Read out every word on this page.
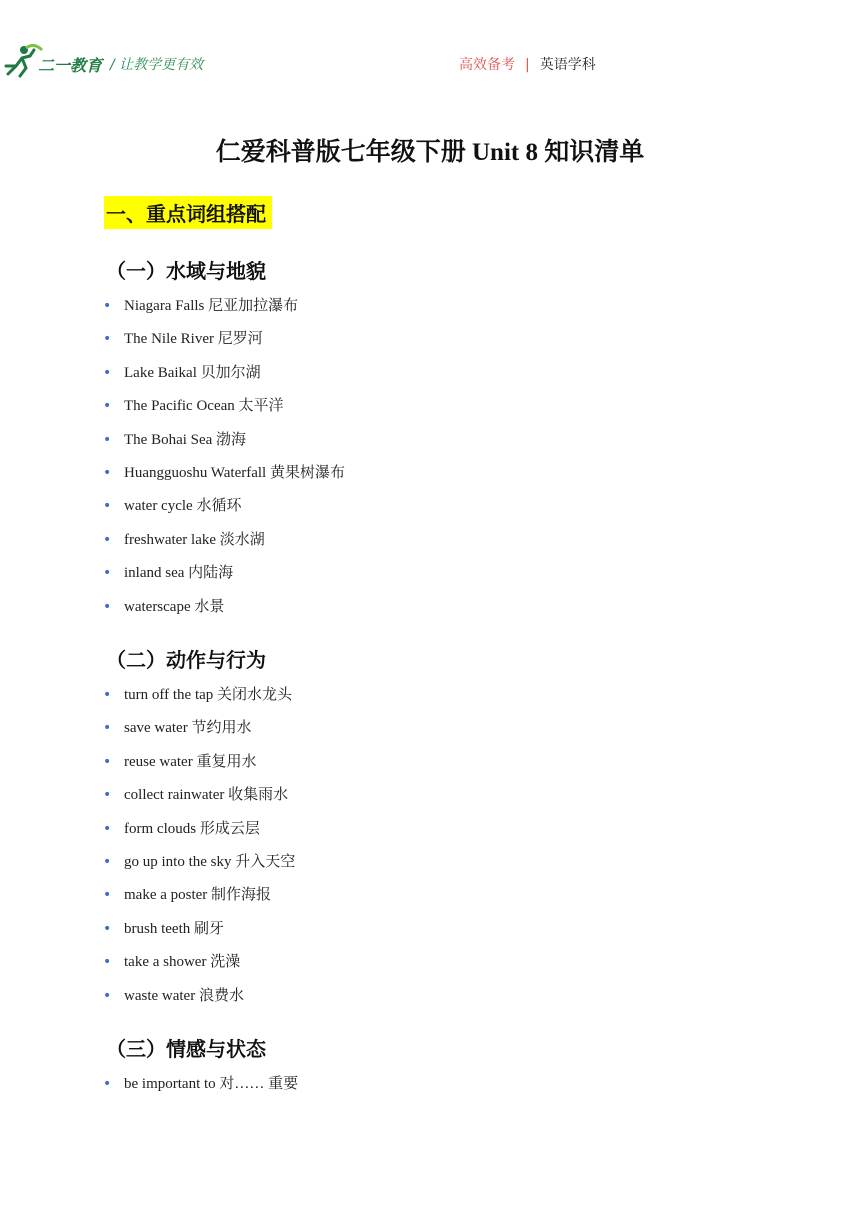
二一教育 / 让教学更有效	高效备考 | 英语学科
仁爱科普版七年级下册 Unit 8 知识清单
一、重点词组搭配
（一）水域与地貌
• Niagara Falls 尼亚加拉瀑布
• The Nile River 尼罗河
• Lake Baikal 贝加尔湖
• The Pacific Ocean 太平洋
• The Bohai Sea 渤海
• Huangguoshu Waterfall 黄果树瀑布
• water cycle 水循环
• freshwater lake 淡水湖
• inland sea 内陆海
• waterscape 水景
（二）动作与行为
• turn off the tap 关闭水龙头
• save water 节约用水
• reuse water 重复用水
• collect rainwater 收集雨水
• form clouds 形成云层
• go up into the sky 升入天空
• make a poster 制作海报
• brush teeth 刷牙
• take a shower 洗澡
• waste water 浪费水
（三）情感与状态
• be important to 对…… 重要
